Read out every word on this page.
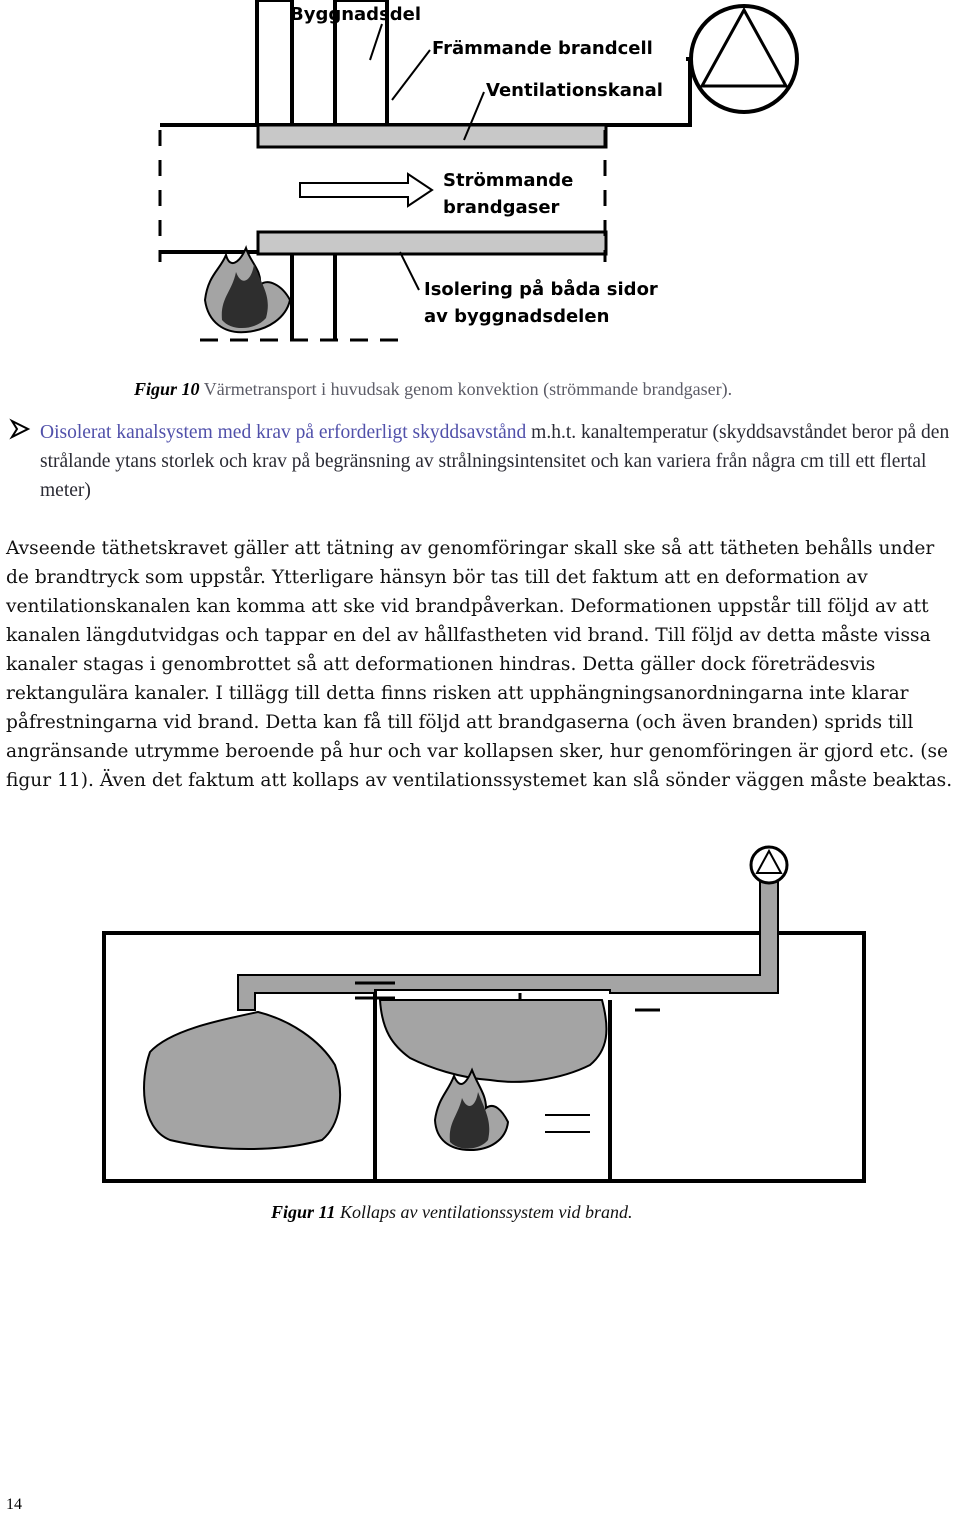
Byggnadsdel
Främmande brandcell
Ventilationskanal
Strömmande
brandgaser
Isolering på båda sidor
av byggnadsdelen
Figur 10 Värmetransport i huvudsak genom konvektion (strömmande brandgaser).
Oisolerat kanalsystem med krav på erforderligt skyddsavstånd m.h.t. kanaltemperatur (skyddsavståndet beror på den strålande ytans storlek och krav på begränsning av strålningsintensitet och kan variera från några cm till ett flertal meter)

Avseende täthetskravet gäller att tätning av genomföringar skall ske så att tätheten behålls under de brandtryck som uppstår. Ytterligare hänsyn bör tas till det faktum att en deformation av ventilationskanalen kan komma att ske vid brandpåverkan. Deformationen uppstår till följd av att kanalen längdutvidgas och tappar en del av hållfastheten vid brand. Till följd av detta måste vissa kanaler stagas i genombrottet så att deformationen hindras. Detta gäller dock företrädesvis rektangulära kanaler. I tillägg till detta finns risken att upphängningsanordningarna inte klarar påfrestningarna vid brand. Detta kan få till följd att brandgaserna (och även branden) sprids till angränsande utrymme beroende på hur och var kollapsen sker, hur genomföringen är gjord etc. (se figur 11). Även det faktum att kollaps av ventilationssystemet kan slå sönder väggen måste beaktas.

Figur 11 Kollaps av ventilationssystem vid brand.
14
